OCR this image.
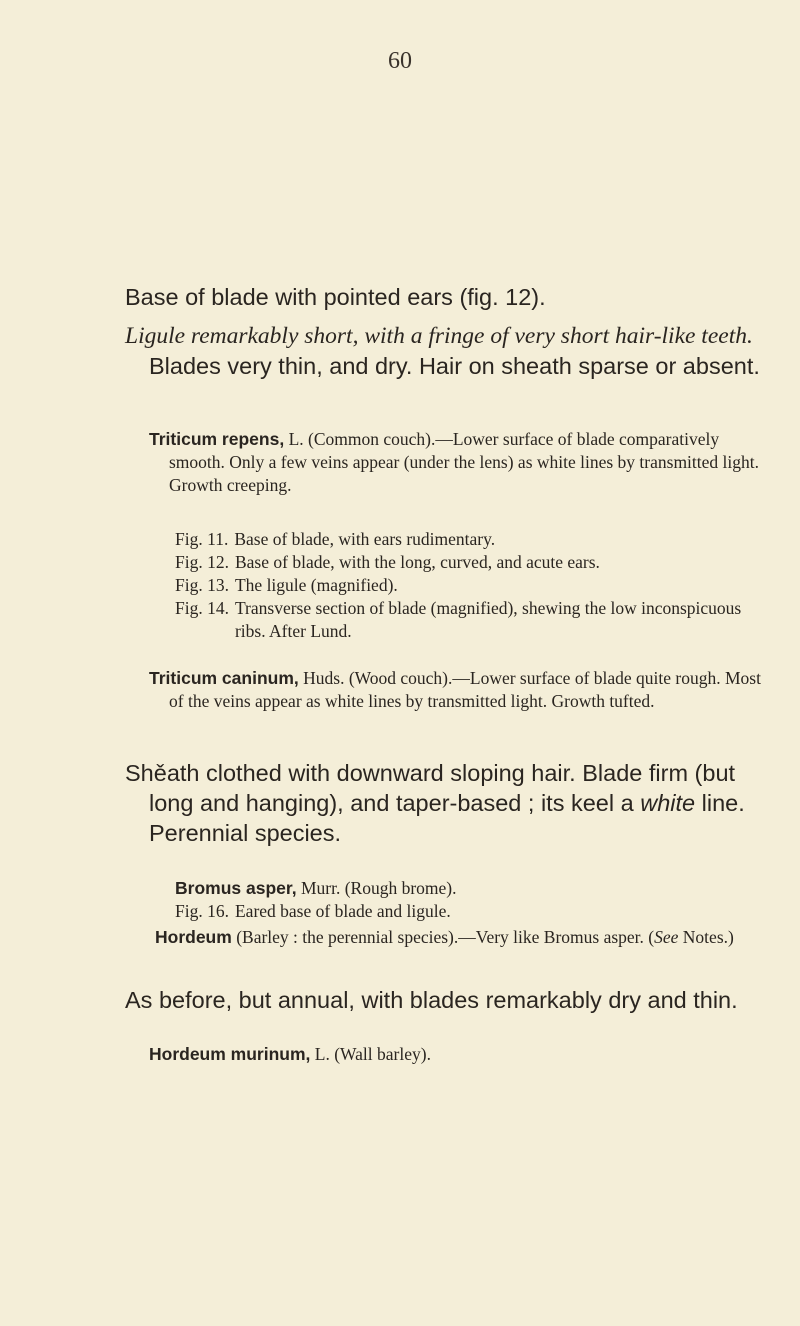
60

Base of blade with pointed ears (fig. 12).

Ligule remarkably short, with a fringe of very short hair-like teeth. Blades very thin, and dry. Hair on sheath sparse or absent.

Triticum repens, L. (Common couch).—Lower surface of blade comparatively smooth. Only a few veins appear (under the lens) as white lines by transmitted light. Growth creeping.

Fig. 11. Base of blade, with ears rudimentary.
Fig. 12. Base of blade, with the long, curved, and acute ears.
Fig. 13. The ligule (magnified).
Fig. 14. Transverse section of blade (magnified), shewing the low inconspicuous ribs. After Lund.

Triticum caninum, Huds. (Wood couch).—Lower surface of blade quite rough. Most of the veins appear as white lines by transmitted light. Growth tufted.

Shěath clothed with downward sloping hair. Blade firm (but long and hanging), and taper-based ; its keel a white line. Perennial species.

Bromus asper, Murr. (Rough brome).

Fig. 16. Eared base of blade and ligule.

Hordeum (Barley : the perennial species).—Very like Bromus asper. (See Notes.)

As before, but annual, with blades remarkably dry and thin.

Hordeum murinum, L. (Wall barley).
